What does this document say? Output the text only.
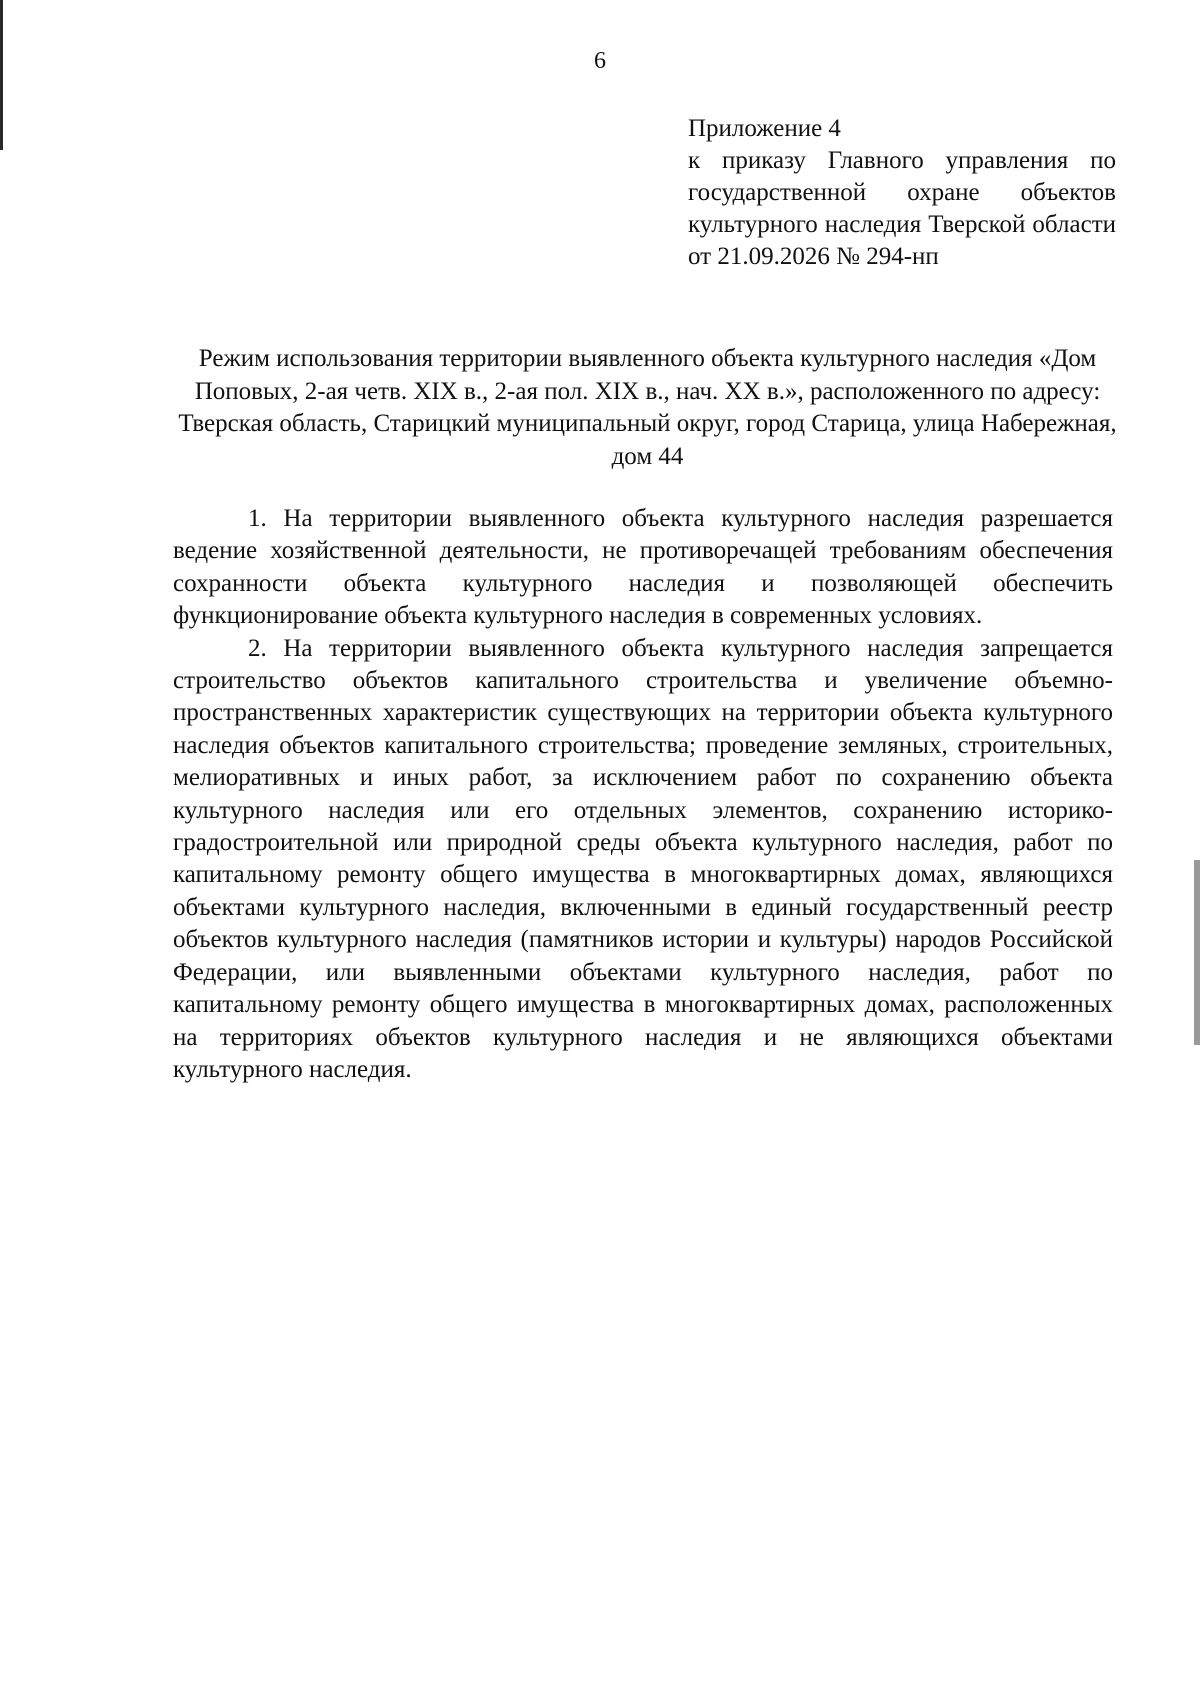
6
Приложение 4
к приказу Главного управления по государственной охране объектов культурного наследия Тверской области от 21.09.2026 № 294-нп
Режим использования территории выявленного объекта культурного наследия «Дом Поповых, 2-ая четв. XIX в., 2-ая пол. XIX в., нач. XX в.», расположенного по адресу: Тверская область, Старицкий муниципальный округ, город Старица, улица Набережная, дом 44

1. На территории выявленного объекта культурного наследия разрешается ведение хозяйственной деятельности, не противоречащей требованиям обеспечения сохранности объекта культурного наследия и позволяющей обеспечить функционирование объекта культурного наследия в современных условиях.

2. На территории выявленного объекта культурного наследия запрещается строительство объектов капитального строительства и увеличение объемно-пространственных характеристик существующих на территории объекта культурного наследия объектов капитального строительства; проведение земляных, строительных, мелиоративных и иных работ, за исключением работ по сохранению объекта культурного наследия или его отдельных элементов, сохранению историко-градостроительной или природной среды объекта культурного наследия, работ по капитальному ремонту общего имущества в многоквартирных домах, являющихся объектами культурного наследия, включенными в единый государственный реестр объектов культурного наследия (памятников истории и культуры) народов Российской Федерации, или выявленными объектами культурного наследия, работ по капитальному ремонту общего имущества в многоквартирных домах, расположенных на территориях объектов культурного наследия и не являющихся объектами культурного наследия.
